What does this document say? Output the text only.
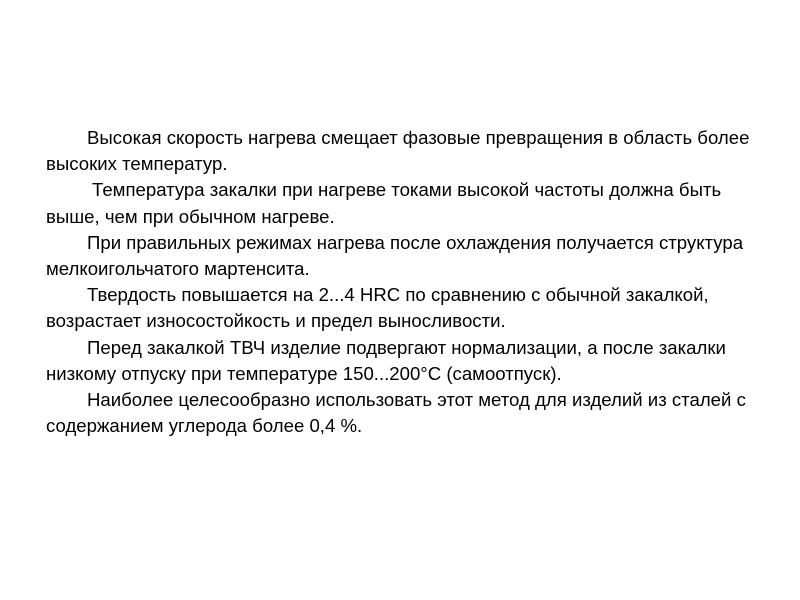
Высокая скорость нагрева смещает фазовые превращения в область более высоких температур.

Температура закалки при нагреве токами высокой частоты должна быть выше, чем при обычном нагреве.

При правильных режимах нагрева после охлаждения получается структура мелкоигольчатого мартенсита.

Твердость повышается на 2...4 HRC по сравнению с обычной закалкой, возрастает износостойкость и предел выносливости.

Перед закалкой ТВЧ изделие подвергают нормализации, а после закалки низкому отпуску при температуре 150...200°С (самоотпуск).

Наиболее целесообразно использовать этот метод для изделий из сталей с содержанием углерода более 0,4 %.
